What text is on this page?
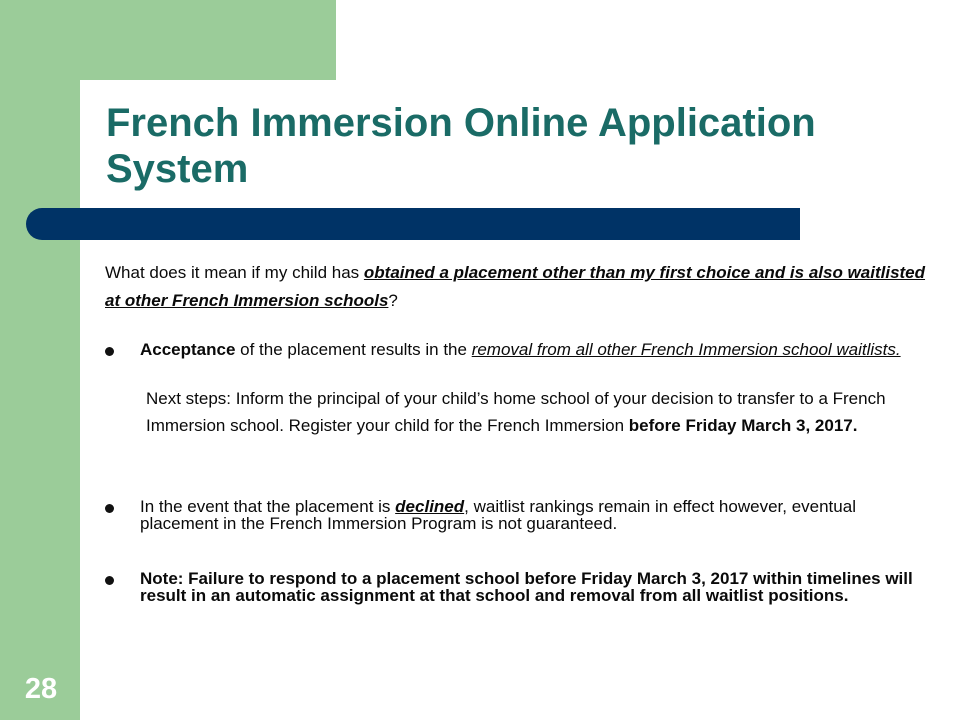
French Immersion Online Application System

What does it mean if my child has obtained a placement other than my first choice and is also waitlisted at other French Immersion schools?

Acceptance of the placement results in the removal from all other French Immersion school waitlists.

Next steps: Inform the principal of your child’s home school of your decision to transfer to a French Immersion school. Register your child for the French Immersion before Friday March 3, 2017.

In the event that the placement is declined, waitlist rankings remain in effect however, eventual placement in the French Immersion Program is not guaranteed.

Note: Failure to respond to a placement school before Friday March 3, 2017 within timelines will result in an automatic assignment at that school and removal from all waitlist positions.

28
